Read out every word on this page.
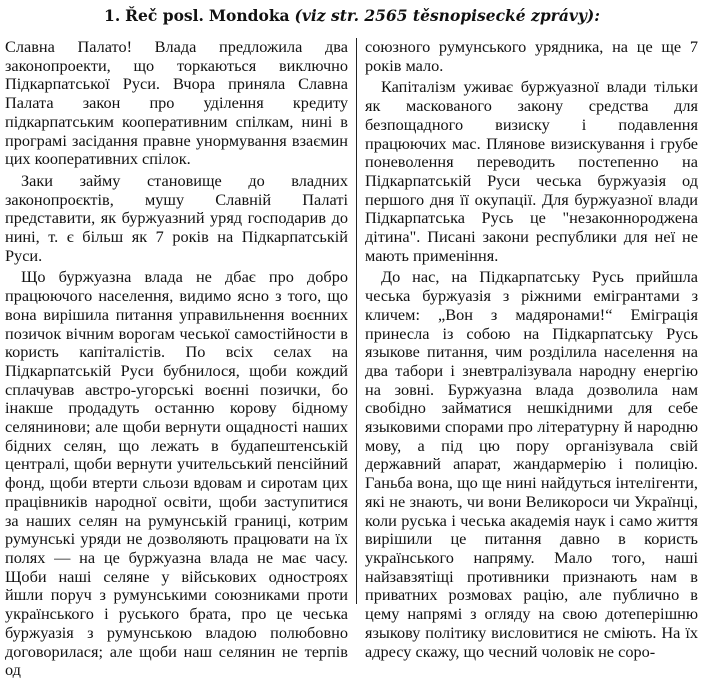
1. Řeč posl. Mondoka (viz str. 2565 těsnopisecké zprávy):

Славна Палато! Влада предложила два законопроекти, що торкаються виключно Підкарпатської Руси. Вчора приняла Славна Палата закон про уділення кредиту підкарпатським кооперативним спілкам, нині в програмі засідання правне унормування взаємин цих кооперативних спілок.

Заки займу становище до владних законопроєктів, мушу Славній Палаті представити, як буржуазний уряд господарив до нині, т. є більш як 7 років на Підкарпатській Руси.

Що буржуазна влада не дбає про добро працюючого населення, видимо ясно з того, що вона вирішила питання управильнення воєнних позичок вічним ворогам чеської самостійности в користь капіталістів. По всіх селах на Підкарпатській Руси бубнилося, щоби кождий сплачував австро-угорські воєнні позички, бо інакше продадуть останню корову бідному селянинови; але щоби вернути ощадності наших бідних селян, що лежать в будапештенській централі, щоби вернути учительський пенсійний фонд, щоби втерти сльози вдовам и сиротам цих працівників народної освіти, щоби заступитися за наших селян на румунській границі, котрим румунські уряди не дозволяють працювати на їх полях — на це буржуазна влада не має часу. Щоби наші селяне у військових одностроях йшли поруч з румунськими союзниками проти українського і руського брата, про це чеська буржуазія з румунською владою полюбовно договорилася; але щоби наш селянин не терпів од

союзного румунського урядника, на це ще 7 років мало.

Капіталізм уживає буржуазної влади тільки як маскованого закону средства для безпощадного визиску і подавлення працюючих мас. Плянове визискування і грубе поневолення переводить постепенно на Підкарпатській Руси чеська буржуазія од першого дня її окупації. Для буржуазної влади Підкарпатська Русь це "незаконнороджена дітина". Писані закони республики для неї не мають применіння.

До нас, на Підкарпатську Русь прийшла чеська буржуазія з ріжними емігрантами з кличем: „Вон з мадяронами!“ Еміграція принесла із собою на Підкарпатську Русь языкове питання, чим розділила населення на два табори і зневтралізувала народну енергію на зовні. Буржуазна влада дозволила нам свобідно займатися нешкідними для себе языковими спорами про літературну й народню мову, а під цю пору організувала свій державний апарат, жандармерію і полицію. Ганьба вона, що ще нині найдуться інтелігенти, які не знають, чи вони Великороси чи Українці, коли руська і чеська академія наук і само життя вирішили це питання давно в користь українського напряму. Мало того, наші найзавзятіщі противники признають нам в приватних розмовах рацію, але публично в цему напрямі з огляду на свою дотеперішню языкову політику висловитися не сміють. На їх адресу скажу, що чесний чоловік не соро-
